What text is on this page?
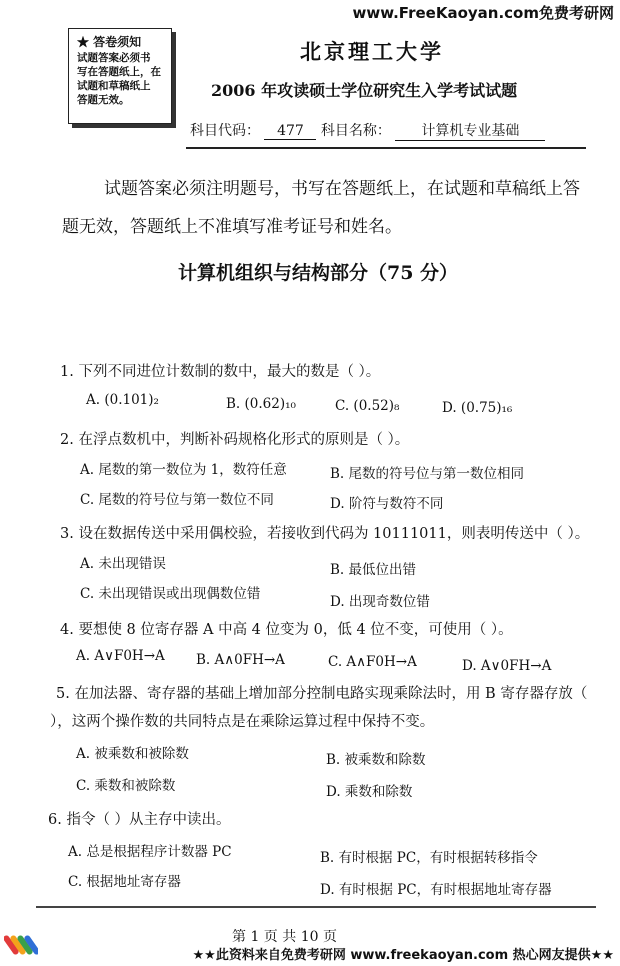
www.FreeKaoyan.com免费考研网
★ 答卷须知
试题答案必须书
写在答题纸上，在
试题和草稿纸上
答题无效。
北京理工大学
2006 年攻读硕士学位研究生入学考试试题
科目代码： 477 科目名称： 计算机专业基础
试题答案必须注明题号，书写在答题纸上，在试题和草稿纸上答题无效，答题纸上不准填写准考证号和姓名。
计算机组织与结构部分（75 分）
1. 下列不同进位计数制的数中，最大的数是（ ）。
A. (0.101)₂	B. (0.62)₁₀	C. (0.52)₈	D. (0.75)₁₆
2. 在浮点数机中，判断补码规格化形式的原则是（ ）。
A. 尾数的第一数位为 1，数符任意	B. 尾数的符号位与第一数位相同
C. 尾数的符号位与第一数位不同	D. 阶符与数符不同
3. 设在数据传送中采用偶校验，若接收到代码为 10111011，则表明传送中（ ）。
A. 未出现错误	B. 最低位出错
C. 未出现错误或出现偶数位错	D. 出现奇数位错
4. 要想使 8 位寄存器 A 中高 4 位变为 0，低 4 位不变，可使用（ ）。
A. A∨F0H→A B. A∧0FH→A	C. A∧F0H→A	D. A∨0FH→A
5. 在加法器、寄存器的基础上增加部分控制电路实现乘除法时，用 B 寄存器存放（ ），这两个操作数的共同特点是在乘除运算过程中保持不变。
A. 被乘数和被除数	B. 被乘数和除数
C. 乘数和被除数	D. 乘数和除数
6. 指令（ ）从主存中读出。
A. 总是根据程序计数器 PC	B. 有时根据 PC，有时根据转移指令
C. 根据地址寄存器	D. 有时根据 PC，有时根据地址寄存器
第 1 页 共 10 页
★★此资料来自免费考研网 www.freekaoyan.com 热心网友提供★★
